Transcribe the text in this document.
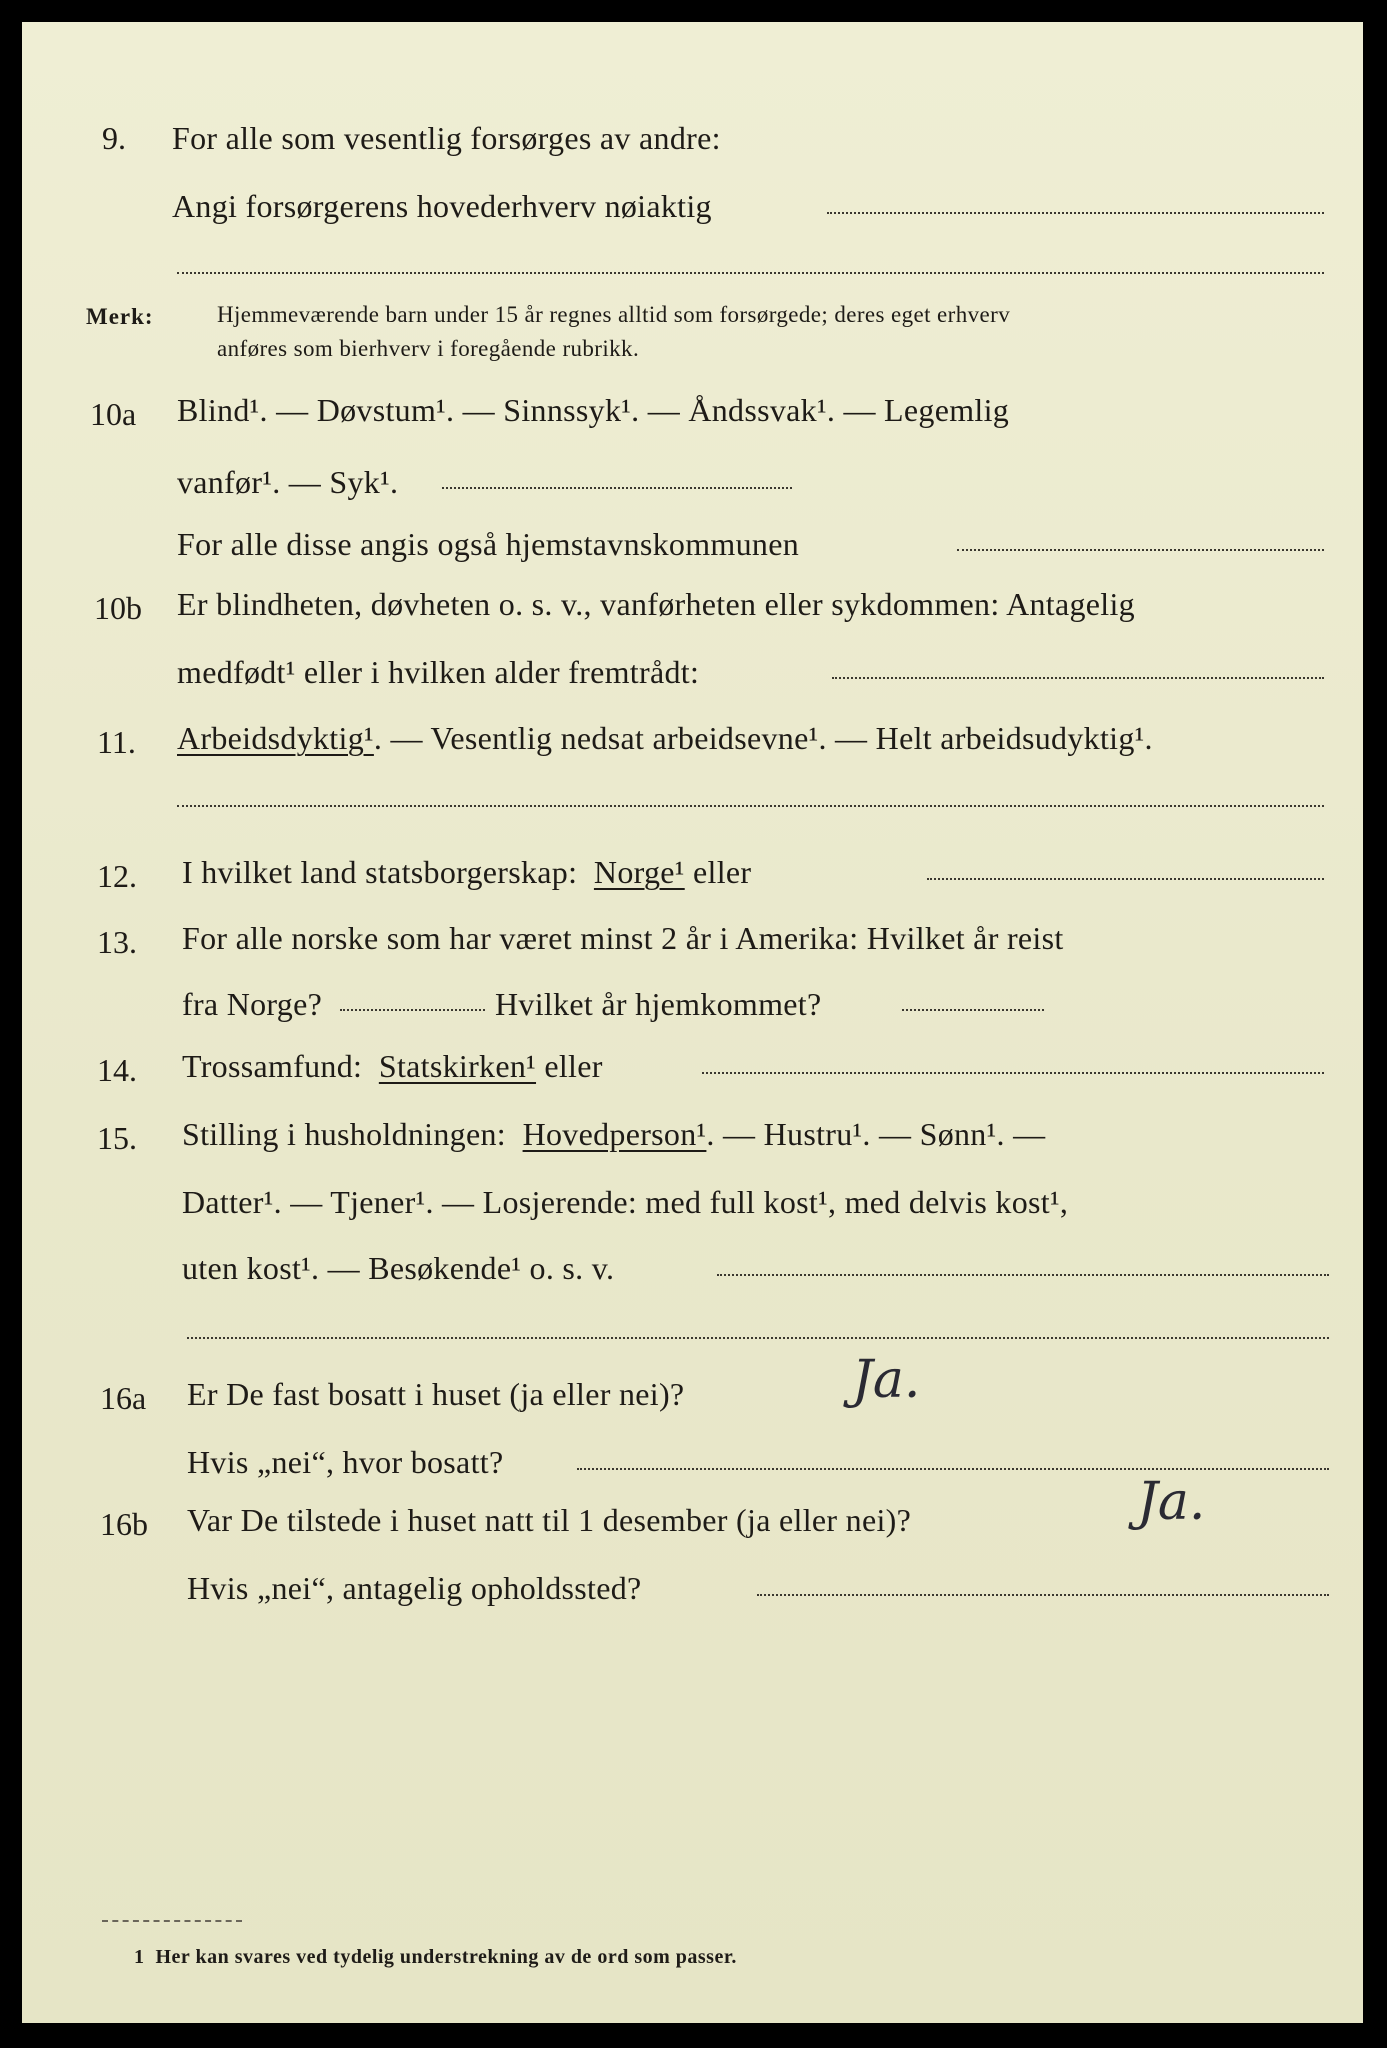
9. For alle som vesentlig forsørges av andre:
Angi forsørgerens hovederhverv nøiaktig
Merk:	Hjemmeværende barn under 15 år regnes alltid som forsørgede; deres eget erhverv
anføres som bierhverv i foregående rubrikk.
10a Blind¹. — Døvstum¹. — Sinnssyk¹. — Åndssvak¹. — Legemlig
vanfør¹. — Syk¹.
For alle disse angis også hjemstavnskommunen
10b Er blindheten, døvheten o. s. v., vanførheten eller sykdommen: Antagelig
medfødt¹ eller i hvilken alder fremtrådt:
11. Arbeidsdyktig¹. — Vesentlig nedsat arbeidsevne¹. — Helt arbeidsudyktig¹.
12. I hvilket land statsborgerskap: Norge¹ eller
13. For alle norske som har været minst 2 år i Amerika: Hvilket år reist
fra Norge?	Hvilket år hjemkommet?
14. Trossamfund: Statskirken¹ eller
15. Stilling i husholdningen: Hovedperson¹. — Hustru¹. — Sønn¹. —
Datter¹. — Tjener¹. — Losjerende: med full kost¹, med delvis kost¹,
uten kost¹. — Besøkende¹ o. s. v.
16a Er De fast bosatt i huset (ja eller nei)?	Ja.
Hvis „nei“, hvor bosatt?
16b Var De tilstede i huset natt til 1 desember (ja eller nei)?	Ja.
Hvis „nei“, antagelig opholdssted?
1 Her kan svares ved tydelig understrekning av de ord som passer.
